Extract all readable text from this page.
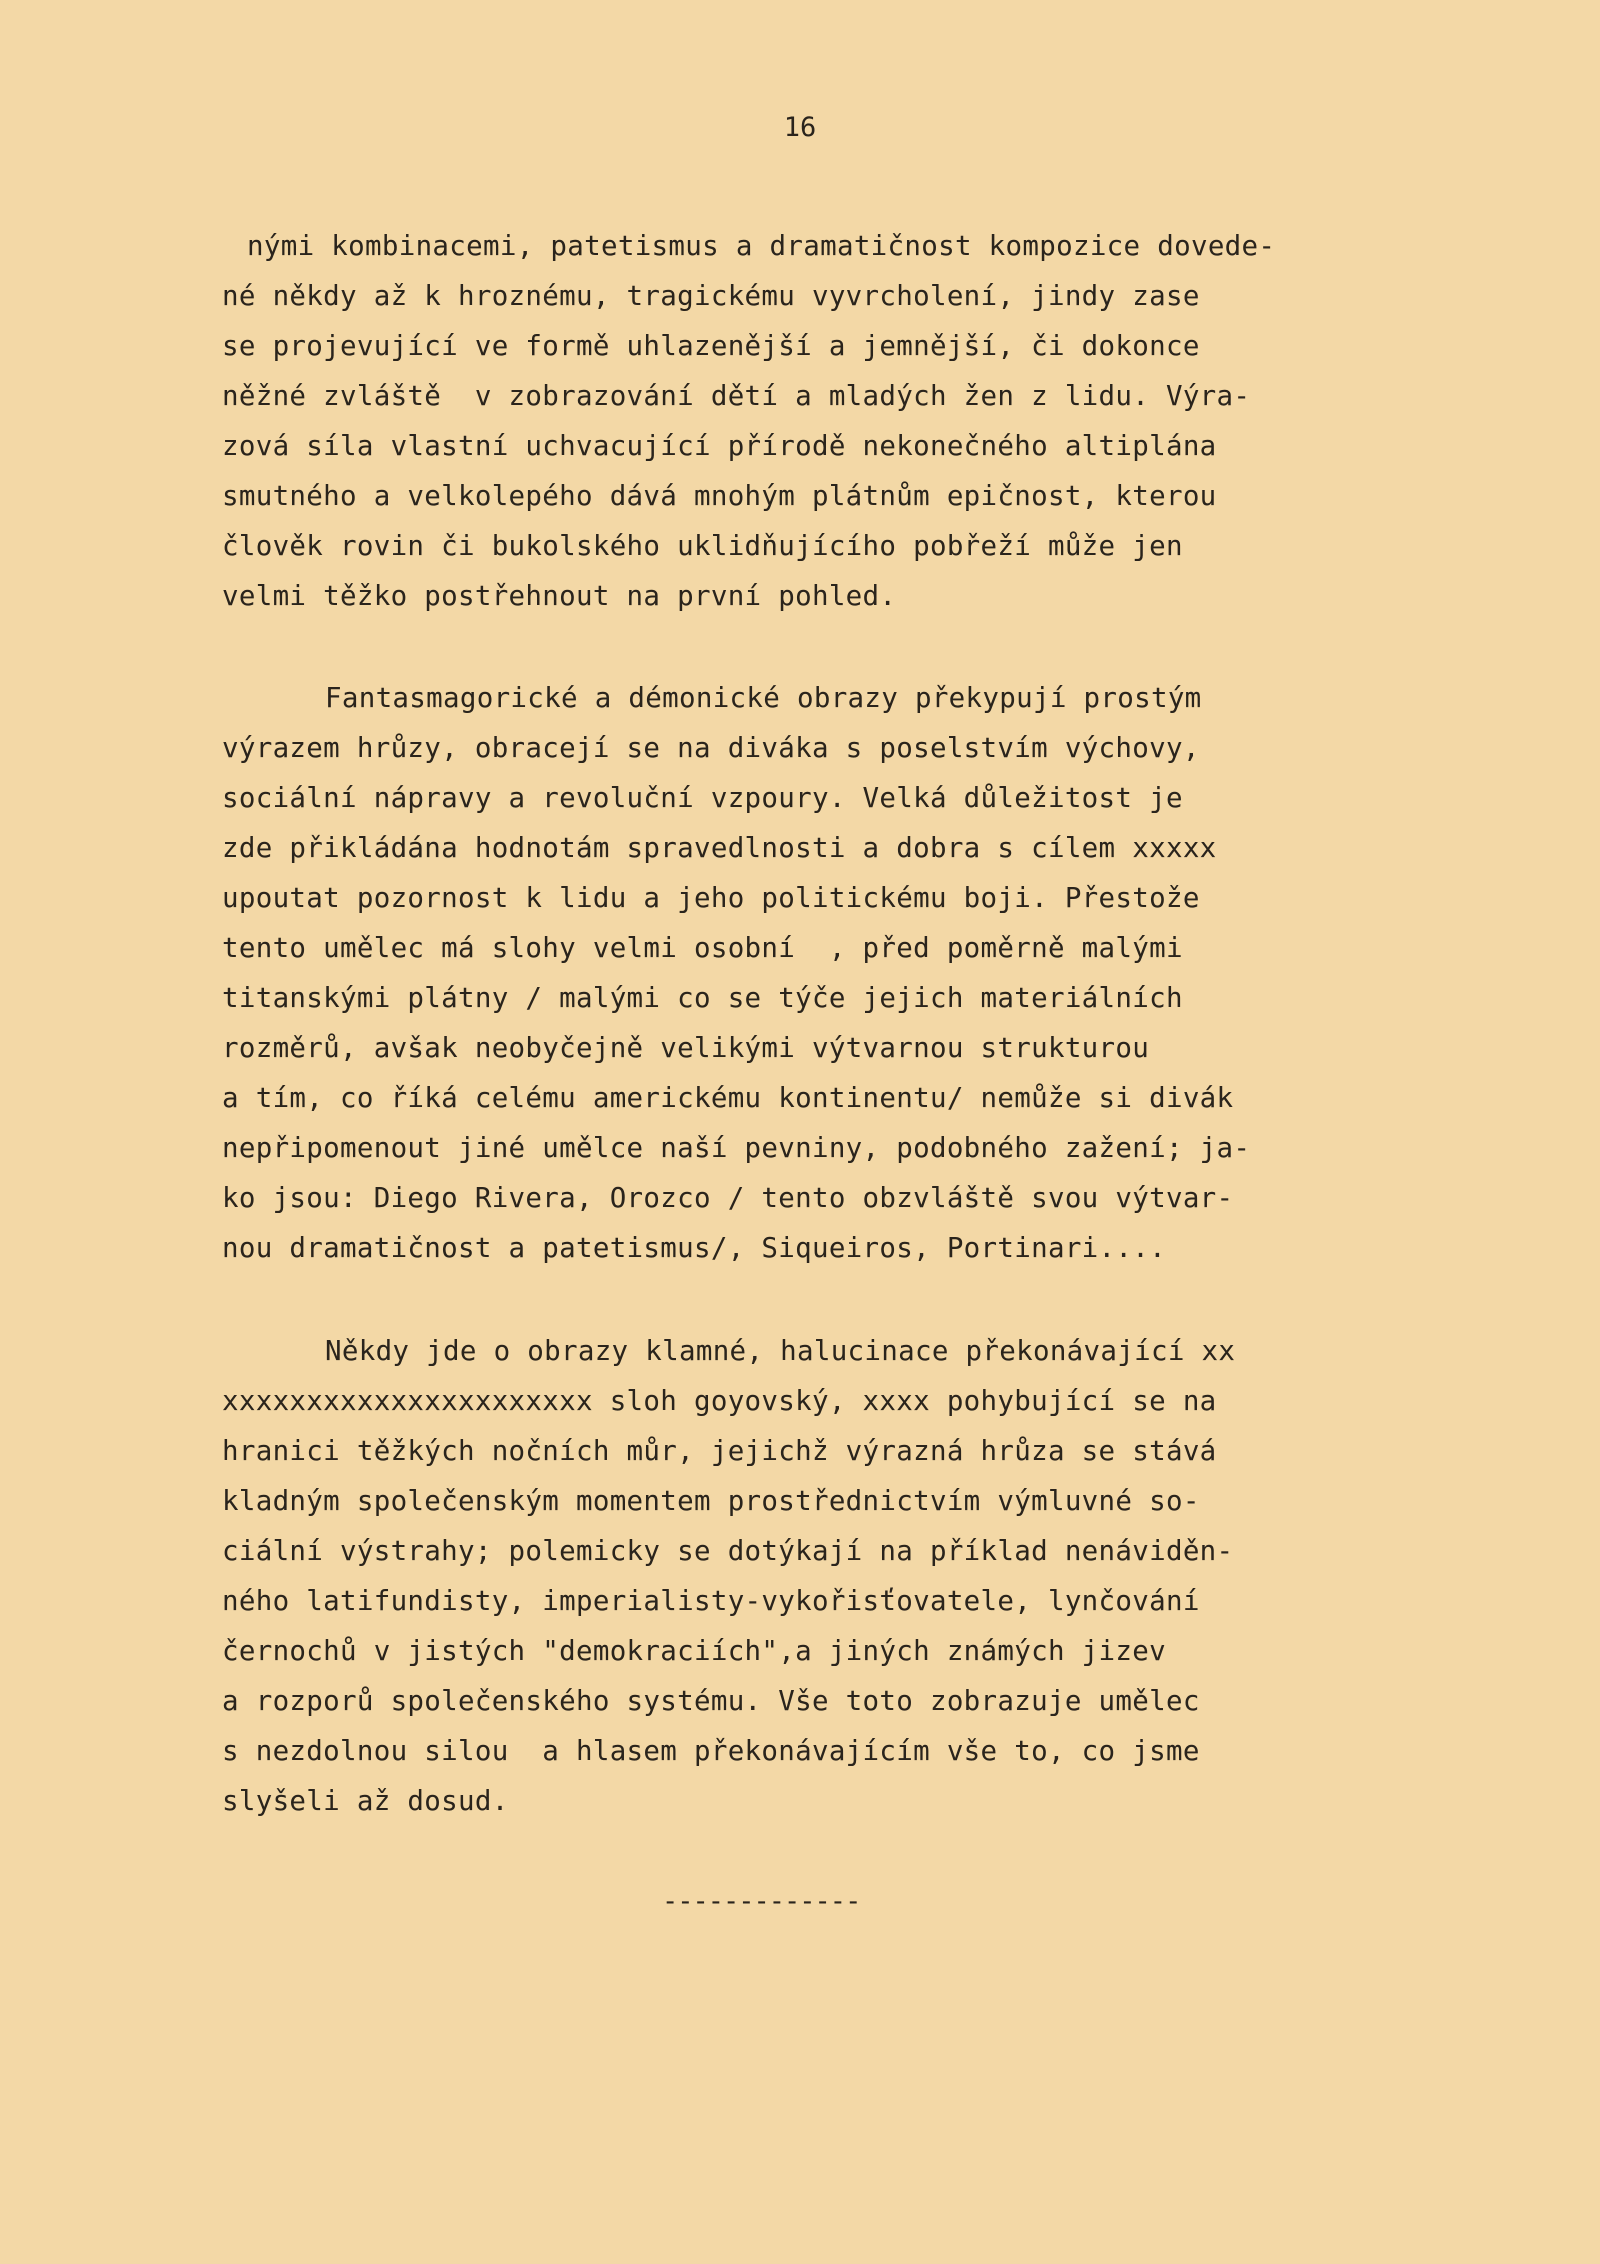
16
nými kombinacemi, patetismus a dramatičnost kompozice dovede-
né někdy až k hroznému, tragickému vyvrcholení, jindy zase
se projevující ve formě uhlazenější a jemnější, či dokonce
něžné zvláště  v zobrazování dětí a mladých žen z lidu. Výra-
zová síla vlastní uchvacující přírodě nekonečného altiplána
smutného a velkolepého dává mnohým plátnům epičnost, kterou
člověk rovin či bukolského uklidňujícího pobřeží může jen
velmi těžko postřehnout na první pohled.
Fantasmagorické a démonické obrazy překypují prostým
výrazem hrůzy, obracejí se na diváka s poselstvím výchovy,
sociální nápravy a revoluční vzpoury. Velká důležitost je
zde přikládána hodnotám spravedlnosti a dobra s cílem xxxxx
upoutat pozornost k lidu a jeho politickému boji. Přestože
tento umělec má slohy velmi osobní  , před poměrně malými
titanskými plátny / malými co se týče jejich materiálních
rozměrů, avšak neobyčejně velikými výtvarnou strukturou
a tím, co říká celému americkému kontinentu/ nemůže si divák
nepřipomenout jiné umělce naší pevniny, podobného zažení; ja-
ko jsou: Diego Rivera, Orozco / tento obzvláště svou výtvar-
nou dramatičnost a patetismus/, Siqueiros, Portinari....
Někdy jde o obrazy klamné, halucinace překonávající xx
xxxxxxxxxxxxxxxxxxxxxx sloh goyovský, xxxx pohybující se na
hranici těžkých nočních můr, jejichž výrazná hrůza se stává
kladným společenským momentem prostřednictvím výmluvné so-
ciální výstrahy; polemicky se dotýkají na příklad nenáviděn-
ného latifundisty, imperialisty-vykořisťovatele, lynčování
černochů v jistých "demokraciích",a jiných známých jizev
a rozporů společenského systému. Vše toto zobrazuje umělec
s nezdolnou silou  a hlasem překonávajícím vše to, co jsme
slyšeli až dosud.
-------------
